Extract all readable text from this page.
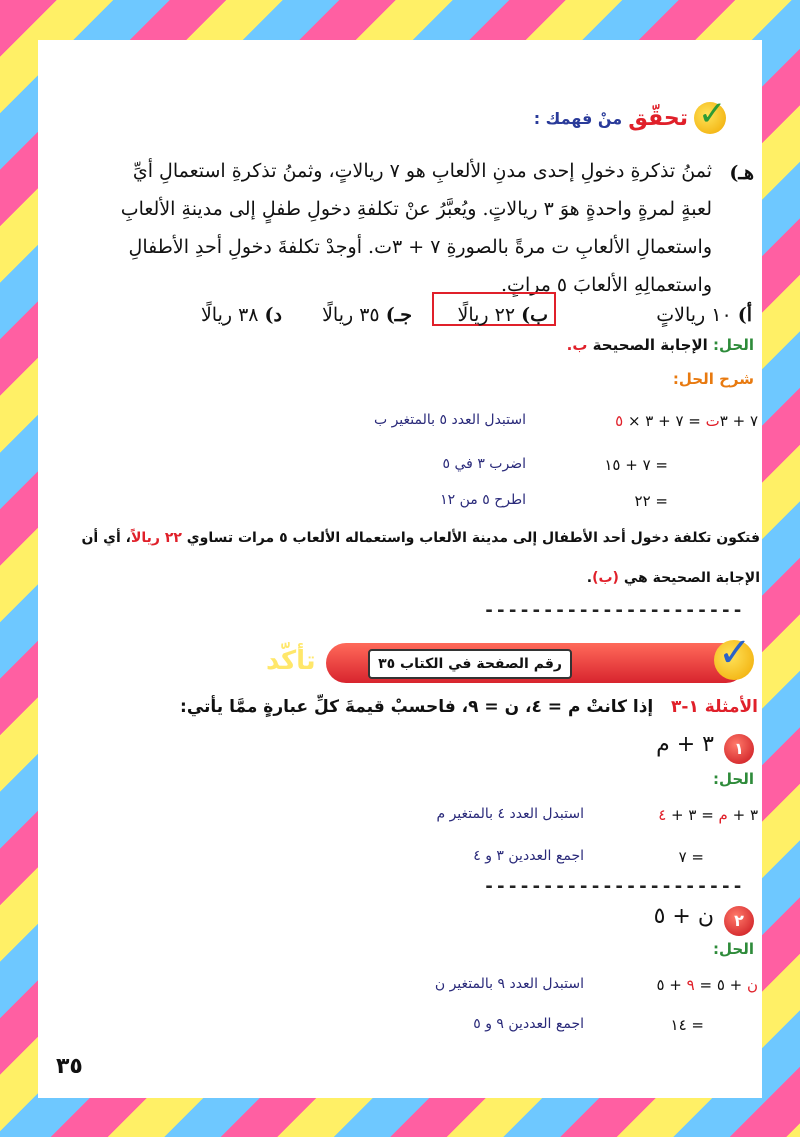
✓
تحقّق
منْ فهمك :
هـ)
ثمنُ تذكرةِ دخولِ إحدى مدنِ الألعابِ هو ٧ ريالاتٍ، وثمنُ تذكرةِ استعمالِ أيِّ
لعبةٍ لمرةٍ واحدةٍ هوَ ٣ ريالاتٍ. ويُعبَّرُ عنْ تكلفةِ دخولِ طفلٍ إلى مدينةِ الألعابِ
واستعمالِ الألعابِ ت مرةً بالصورةِ ٧ + ٣ت. أوجدْ تكلفةَ دخولِ أحدِ الأطفالِ
واستعمالِهِ الألعابَ ٥ مراتٍ.
أ) ١٠ ريالاتٍ
ب) ٢٢ ريالًا
جـ) ٣٥ ريالًا
د) ٣٨ ريالًا
الحل: الإجابة الصحيحة ب.
شرح الحل:
٧ + ٣ت = ٧ + ٣ × ٥
استبدل العدد ٥ بالمتغير ب
= ٧ + ١٥
اضرب ٣ في ٥
= ٢٢
اطرح ٥ من ١٢
فتكون تكلفة دخول أحد الأطفال إلى مدينة الألعاب واستعماله الألعاب ٥ مرات تساوي ٢٢ ريالاً، أي أن
الإجابة الصحيحة هي (ب).
----------------------
✓
تأكّد	رقم الصفحة في الكتاب ٣٥
الأمثلة ١-٣   إذا كانتْ م = ٤، ن = ٩، فاحسبْ قيمةَ كلِّ عبارةٍ ممَّا يأتي:
١
٣ + م
الحل:
٣ + م = ٣ + ٤
استبدل العدد ٤ بالمتغير م
= ٧
اجمع العددين ٣ و ٤
----------------------
٢
ن + ٥
الحل:
ن + ٥ = ٩ + ٥
استبدل العدد ٩ بالمتغير ن
= ١٤
اجمع العددين ٩ و ٥
٣٥
